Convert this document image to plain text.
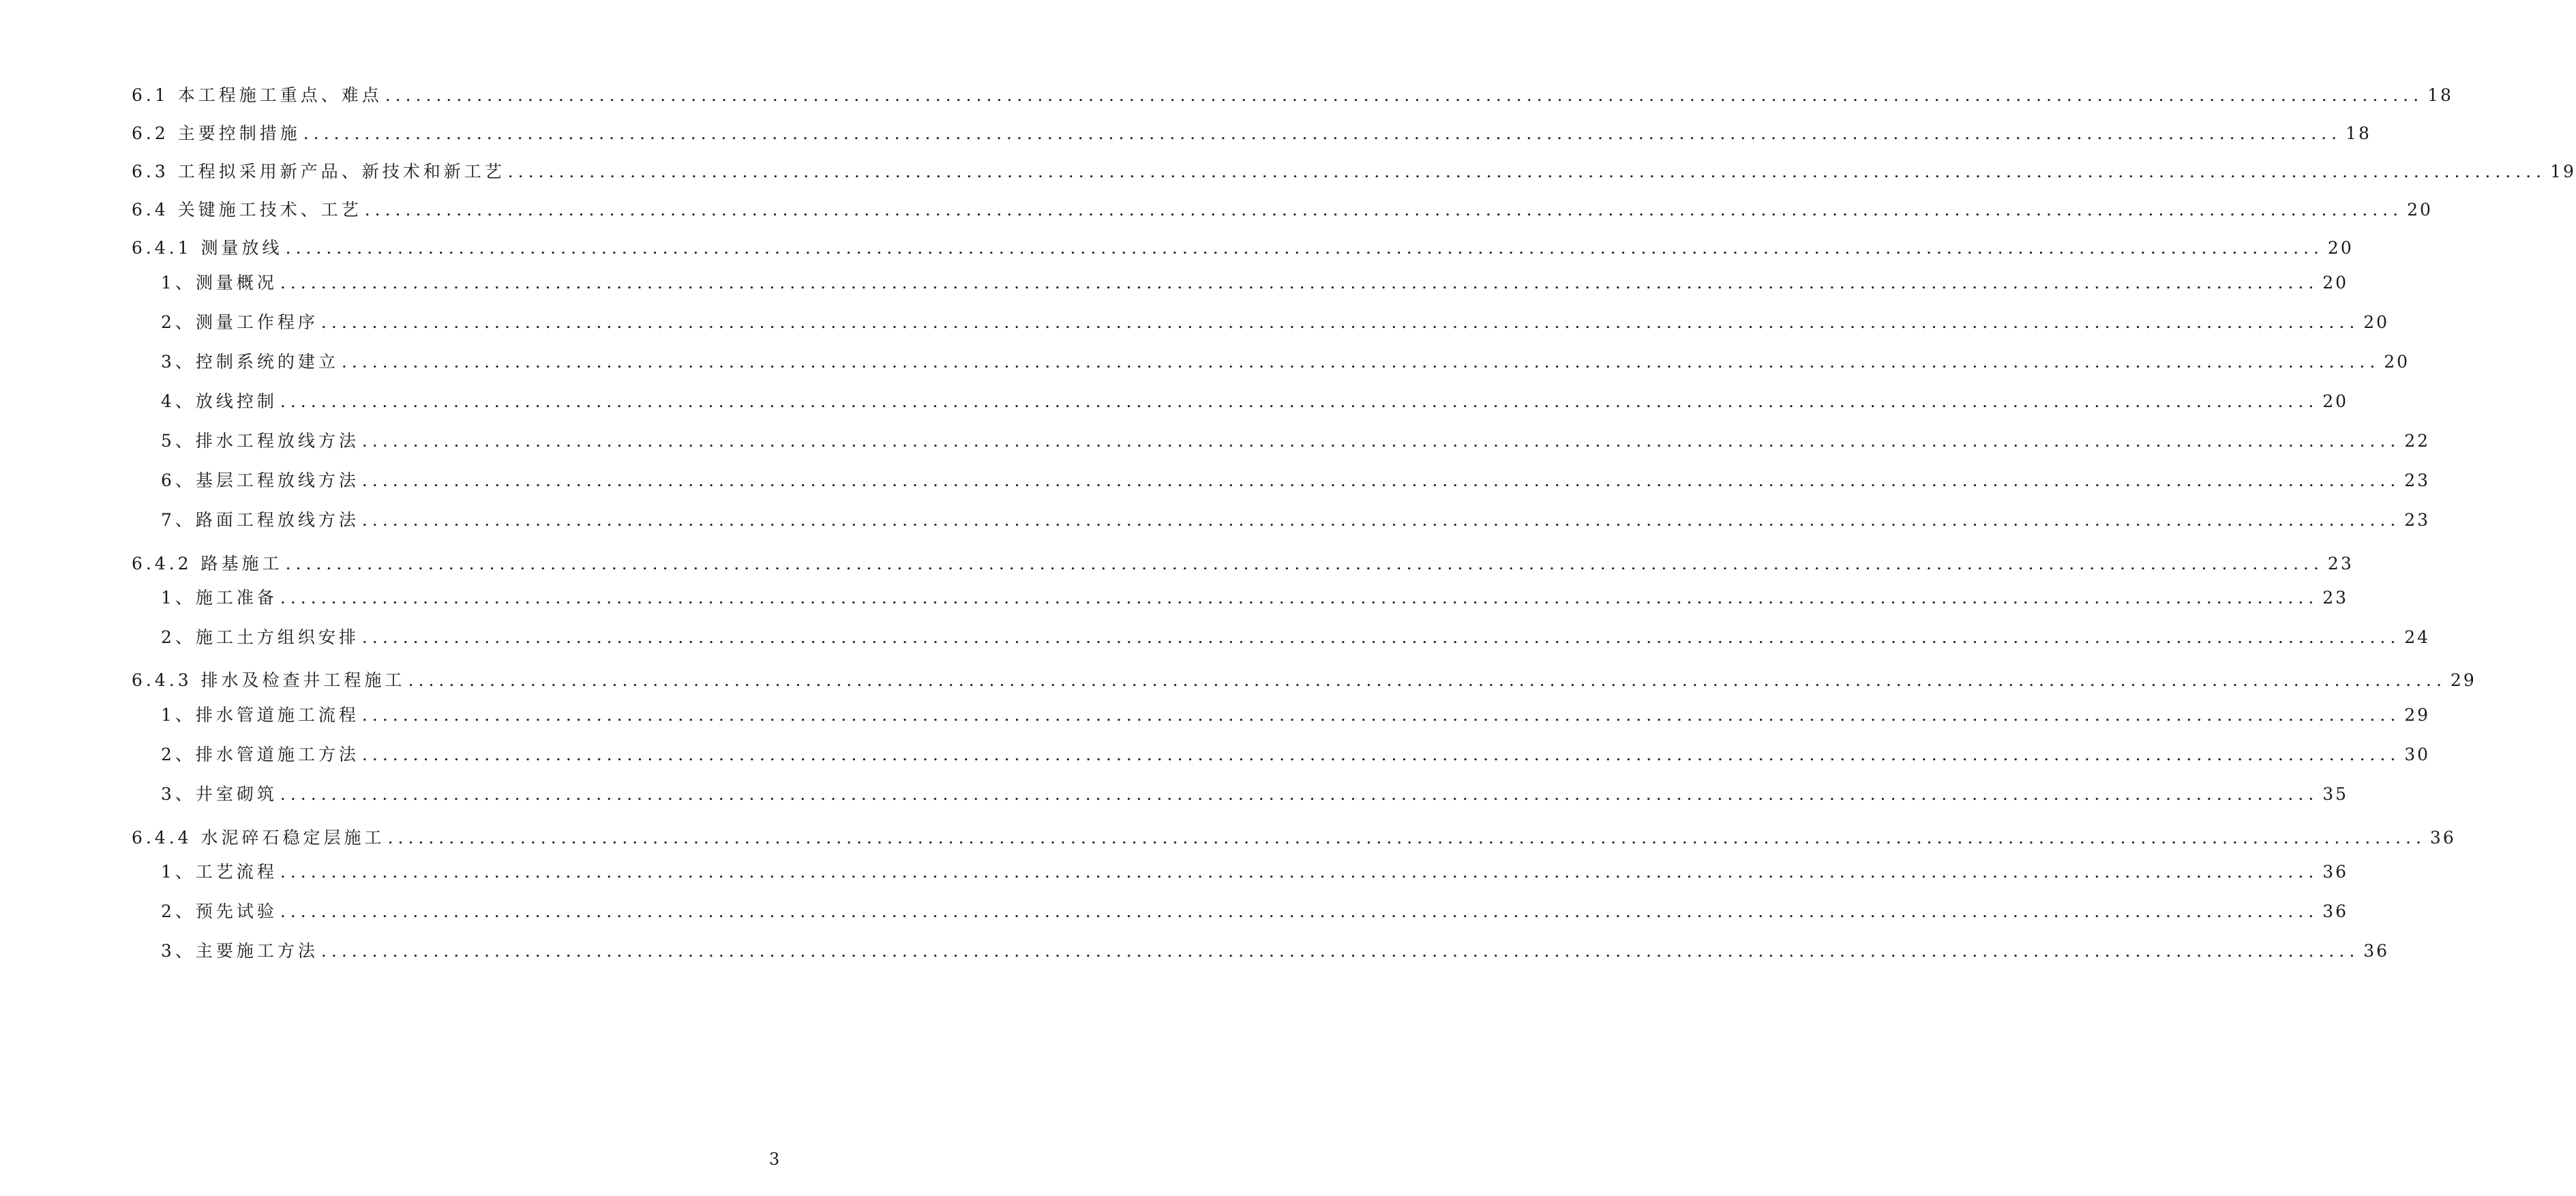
6.1 本工程施工重点、难点 ........................................................................................................................................................................................................ 18
6.2 主要控制措施 ........................................................................................................................................................................................................ 18
6.3 工程拟采用新产品、新技术和新工艺 ........................................................................................................................................................................................................ 19
6.4 关键施工技术、工艺 ........................................................................................................................................................................................................ 20
6.4.1 测量放线 ........................................................................................................................................................................................................ 20
1、测量概况 ........................................................................................................................................................................................................ 20
2、测量工作程序 ........................................................................................................................................................................................................ 20
3、控制系统的建立 ........................................................................................................................................................................................................ 20
4、放线控制 ........................................................................................................................................................................................................ 20
5、排水工程放线方法 ........................................................................................................................................................................................................ 22
6、基层工程放线方法 ........................................................................................................................................................................................................ 23
7、路面工程放线方法 ........................................................................................................................................................................................................ 23
6.4.2 路基施工 ........................................................................................................................................................................................................ 23
1、施工准备 ........................................................................................................................................................................................................ 23
2、施工土方组织安排 ........................................................................................................................................................................................................ 24
6.4.3 排水及检查井工程施工 ........................................................................................................................................................................................................ 29
1、排水管道施工流程 ........................................................................................................................................................................................................ 29
2、排水管道施工方法 ........................................................................................................................................................................................................ 30
3、井室砌筑 ........................................................................................................................................................................................................ 35
6.4.4 水泥碎石稳定层施工 ........................................................................................................................................................................................................ 36
1、工艺流程 ........................................................................................................................................................................................................ 36
2、预先试验 ........................................................................................................................................................................................................ 36
3、主要施工方法 ........................................................................................................................................................................................................ 36
3
